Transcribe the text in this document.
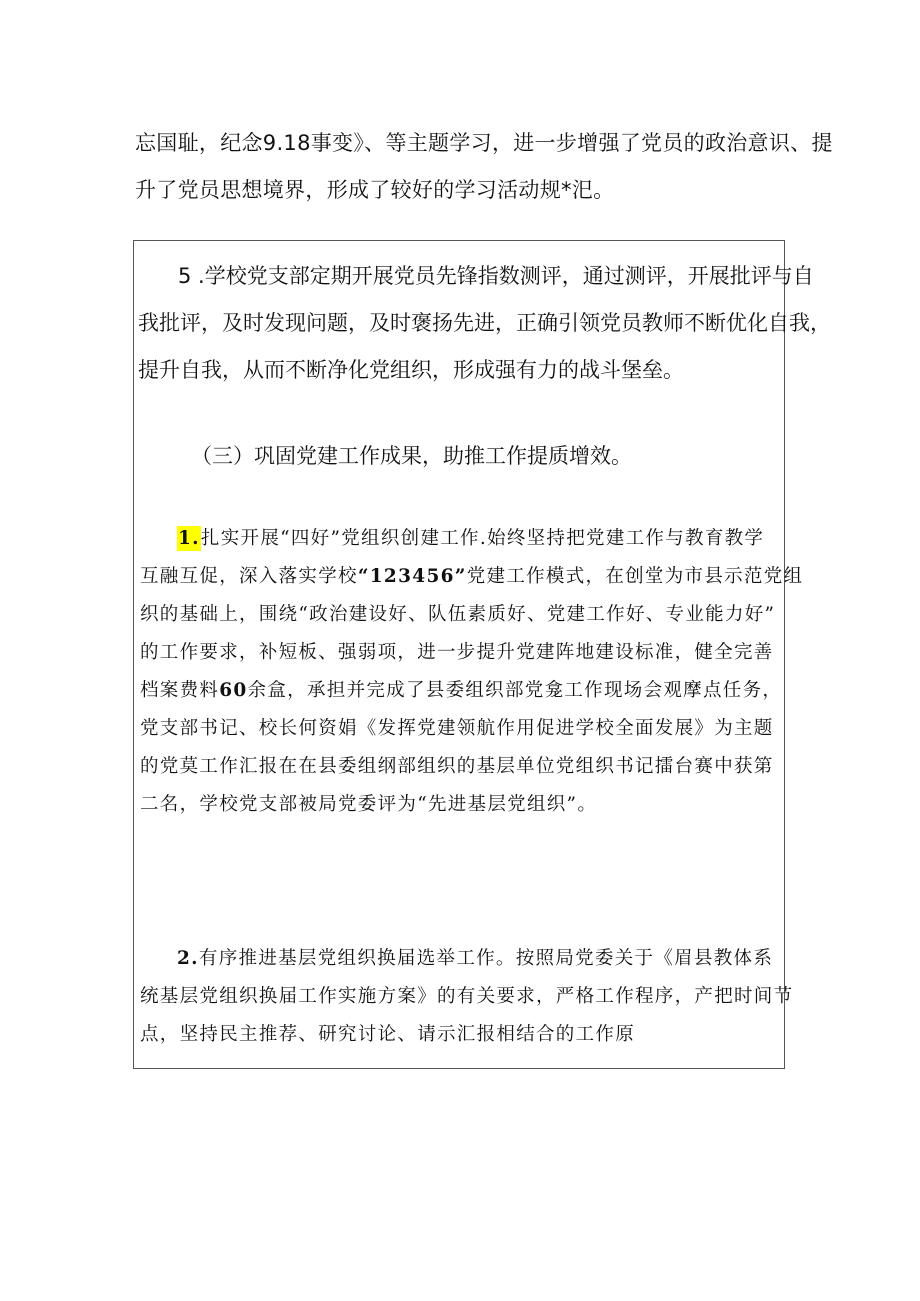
忘国耻，纪念9.18事变》、等主题学习，进一步增强了党员的政治意识、提

升了党员思想境界，形成了较好的学习活动规*汜。

5 .学校党支部定期开展党员先锋指数测评，通过测评，开展批评与自

我批评，及时发现问题，及时褒扬先进，正确引领党员教师不断优化自我，

提升自我，从而不断净化党组织，形成强有力的战斗堡垒。

（三）巩固党建工作成果，助推工作提质增效。

1.扎实开展“四好”党组织创建工作.始终坚持把党建工作与教育教学

互融互促，深入落实学校“123456”党建工作模式，在创堂为市县示范党组

织的基础上，围绕“政治建设好、队伍素质好、党建工作好、专业能力好”

的工作要求，补短板、强弱项，进一步提升党建阵地建设标准，健全完善

档案费料60余盒，承担并完成了县委组织部党龛工作现场会观摩点任务，

党支部书记、校长何资娟《发挥党建领航作用促进学校全面发展》为主题

的党莫工作汇报在在县委组纲部组织的基层单位党组织书记擂台赛中获第

二名，学校党支部被局党委评为“先进基层党组织”。

2.有序推进基层党组织换届选举工作。按照局党委关于《眉县教体系

统基层党组织换届工作实施方案》的有关要求，严格工作程序，产把时间节

点，坚持民主推荐、研究讨论、请示汇报相结合的工作原
